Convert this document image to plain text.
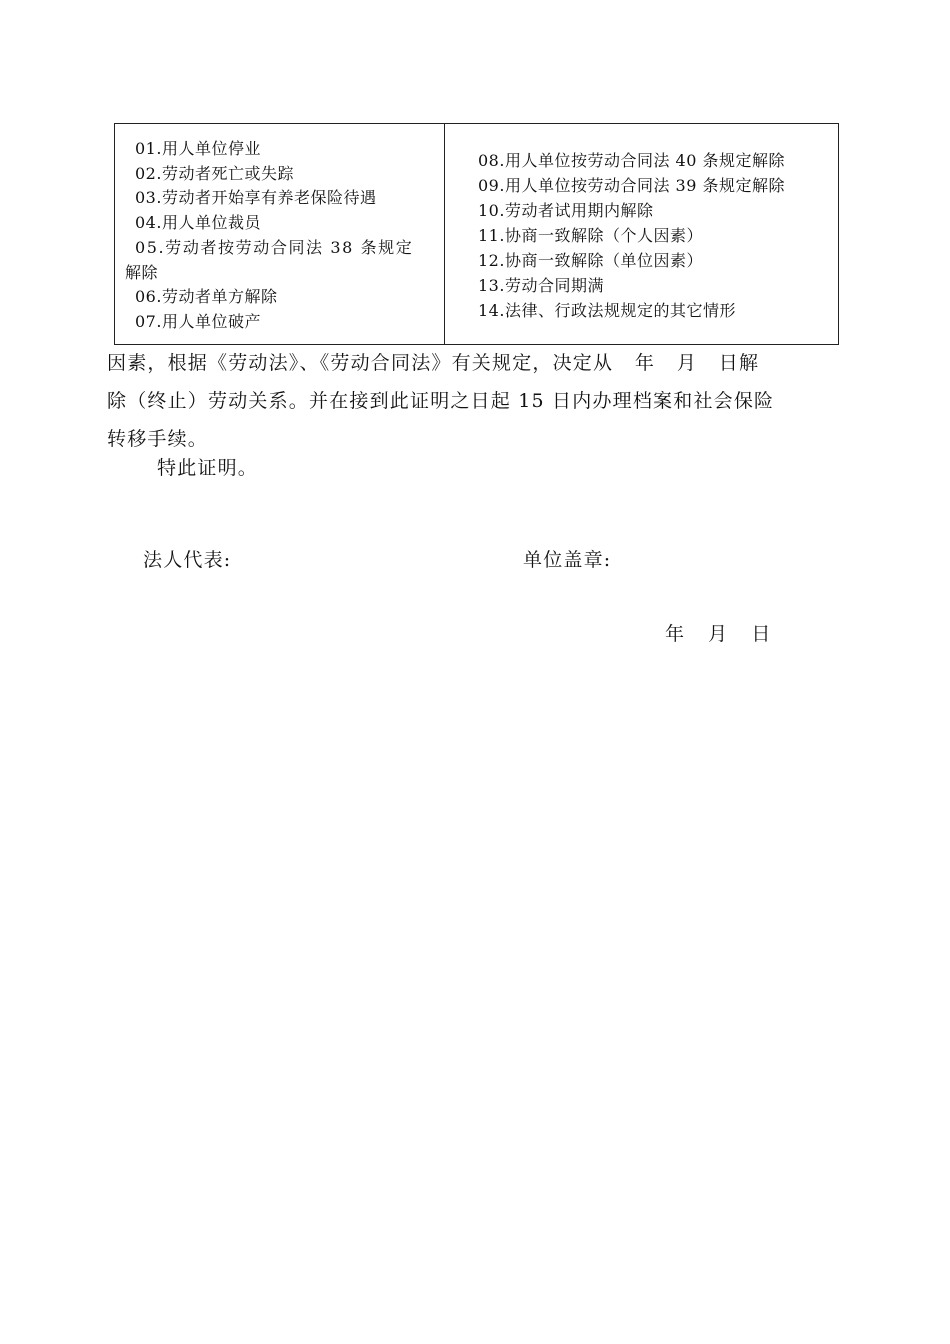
01.用人单位停业
02.劳动者死亡或失踪
03.劳动者开始享有养老保险待遇
04.用人单位裁员
05.劳动者按劳动合同法 38 条规定
解除
06.劳动者单方解除
07.用人单位破产
08.用人单位按劳动合同法 40 条规定解除
09.用人单位按劳动合同法 39 条规定解除
10.劳动者试用期内解除
11.协商一致解除（个人因素）
12.协商一致解除（单位因素）
13.劳动合同期满
14.法律、行政法规规定的其它情形

因素，根据《劳动法》、《劳动合同法》有关规定，决定从   年   月   日解
除（终止）劳动关系。并在接到此证明之日起 15 日内办理档案和社会保险
转移手续。

特此证明。

法人代表:	单位盖章:
年    月    日
